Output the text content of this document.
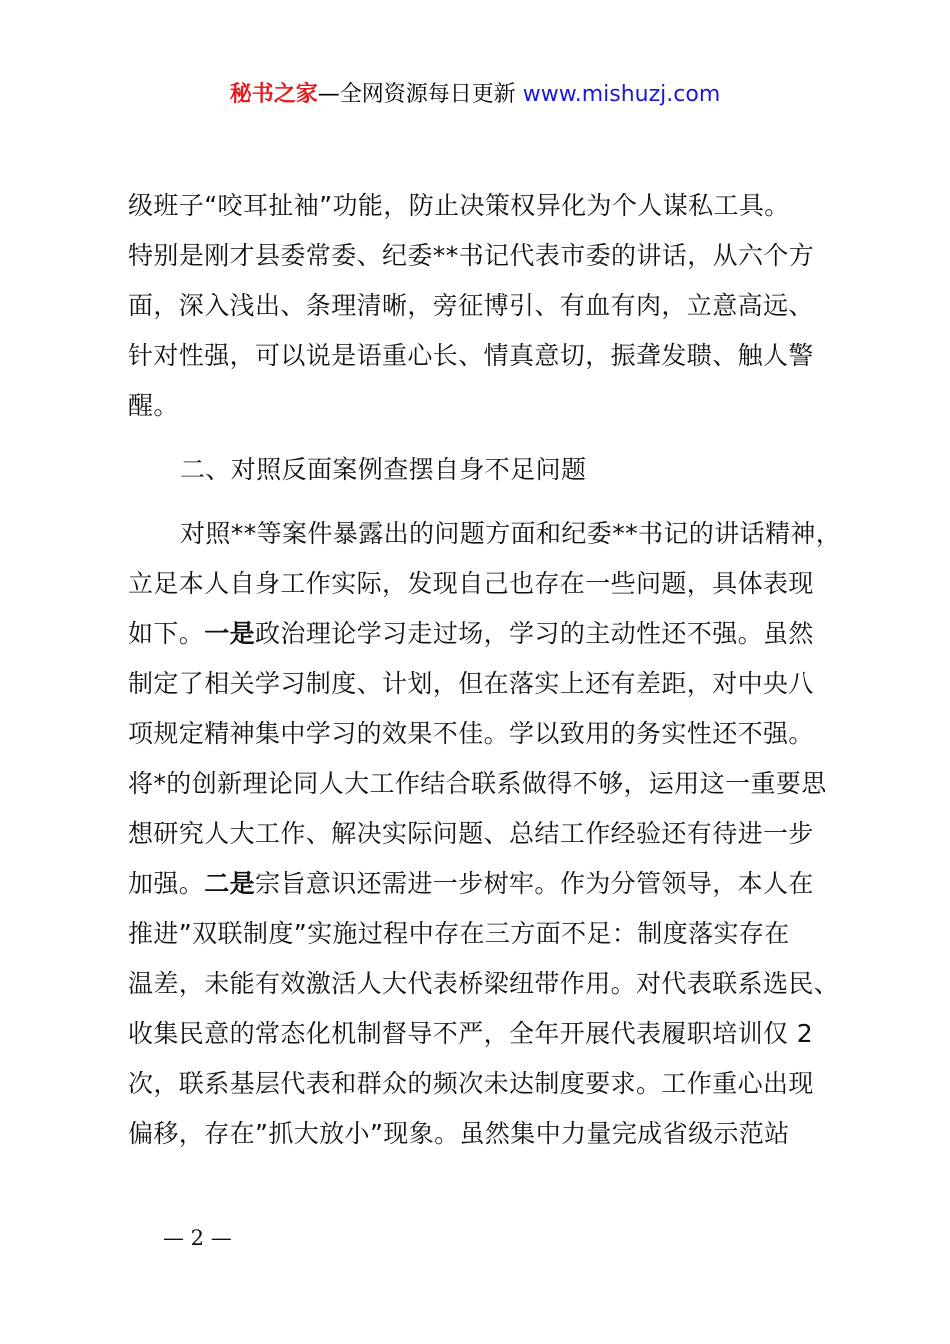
秘书之家—全网资源每日更新 www.mishuzj.com
级班子“咬耳扯袖”功能，防止决策权异化为个人谋私工具。
特别是刚才县委常委、纪委**书记代表市委的讲话，从六个方
面，深入浅出、条理清晰，旁征博引、有血有肉，立意高远、
针对性强，可以说是语重心长、情真意切，振聋发聩、触人警
醒。
二、对照反面案例查摆自身不足问题
对照**等案件暴露出的问题方面和纪委**书记的讲话精神，
立足本人自身工作实际，发现自己也存在一些问题，具体表现
如下。一是政治理论学习走过场，学习的主动性还不强。虽然
制定了相关学习制度、计划，但在落实上还有差距，对中央八
项规定精神集中学习的效果不佳。学以致用的务实性还不强。
将*的创新理论同人大工作结合联系做得不够，运用这一重要思
想研究人大工作、解决实际问题、总结工作经验还有待进一步
加强。二是宗旨意识还需进一步树牢。作为分管领导，本人在
推进”双联制度”实施过程中存在三方面不足：制度落实存在
温差，未能有效激活人大代表桥梁纽带作用。对代表联系选民、
收集民意的常态化机制督导不严，全年开展代表履职培训仅 2
次，联系基层代表和群众的频次未达制度要求。工作重心出现
偏移，存在”抓大放小”现象。虽然集中力量完成省级示范站
— 2 —
